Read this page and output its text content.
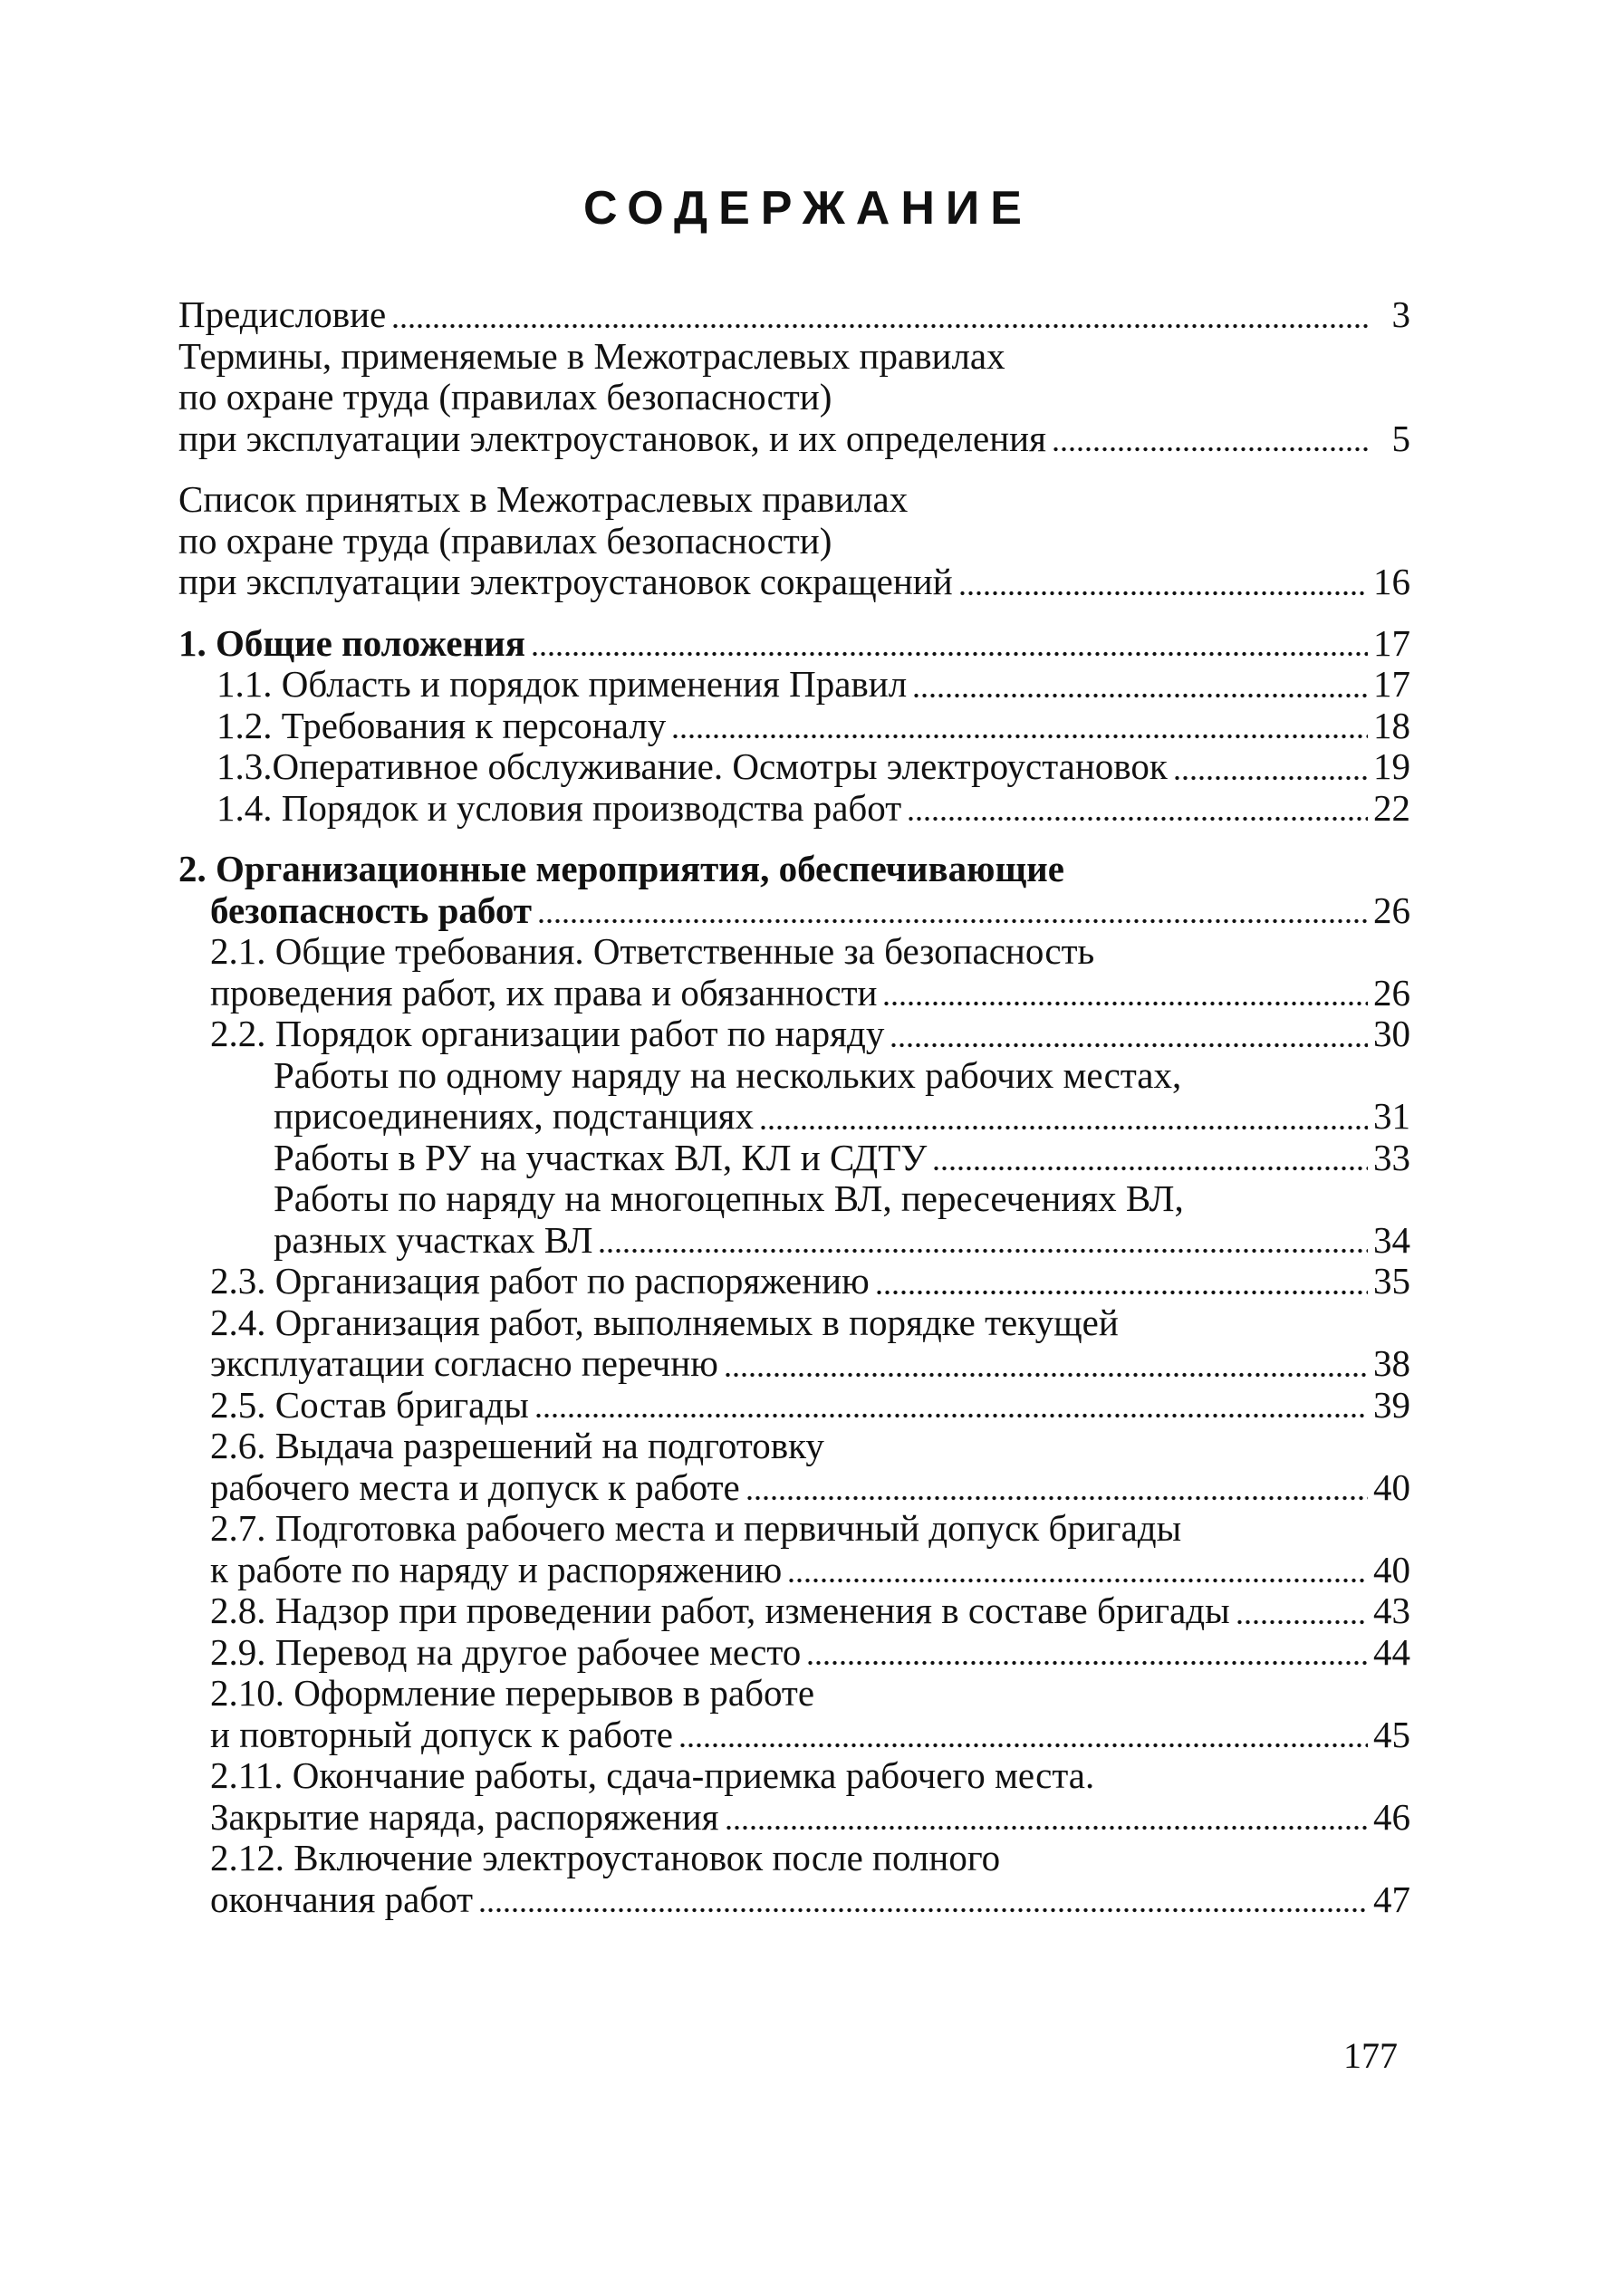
СОДЕРЖАНИЕ
Предисловие	3
Термины, применяемые в Межотраслевых правилах
по охране труда (правилах безопасности)
при эксплуатации электроустановок, и их определения	5
Список принятых в Межотраслевых правилах
по охране труда (правилах безопасности)
при эксплуатации электроустановок сокращений	16
1. Общие положения	17
1.1. Область и порядок применения Правил	17
1.2. Требования к персоналу	18
1.3.Оперативное обслуживание. Осмотры электроустановок	19
1.4. Порядок и условия производства работ	22
2. Организационные мероприятия, обеспечивающие
безопасность работ	26
2.1. Общие требования. Ответственные за безопасность
проведения работ, их права и обязанности	26
2.2. Порядок организации работ по наряду	30
Работы по одному наряду на нескольких рабочих местах,
присоединениях, подстанциях	31
Работы в РУ на участках ВЛ, КЛ и СДТУ	33
Работы по наряду на многоцепных ВЛ, пересечениях ВЛ,
разных участках ВЛ	34
2.3. Организация работ по распоряжению	35
2.4. Организация работ, выполняемых в порядке текущей
эксплуатации согласно перечню	38
2.5. Состав бригады	39
2.6. Выдача разрешений на подготовку
рабочего места и допуск к работе	40
2.7. Подготовка рабочего места и первичный допуск бригады
к работе по наряду и распоряжению	40
2.8. Надзор при проведении работ, изменения в составе бригады	43
2.9. Перевод на другое рабочее место	44
2.10. Оформление перерывов в работе
и повторный допуск к работе	45
2.11. Окончание работы, сдача-приемка рабочего места.
Закрытие наряда, распоряжения	46
2.12. Включение электроустановок после полного
окончания работ	47
177
